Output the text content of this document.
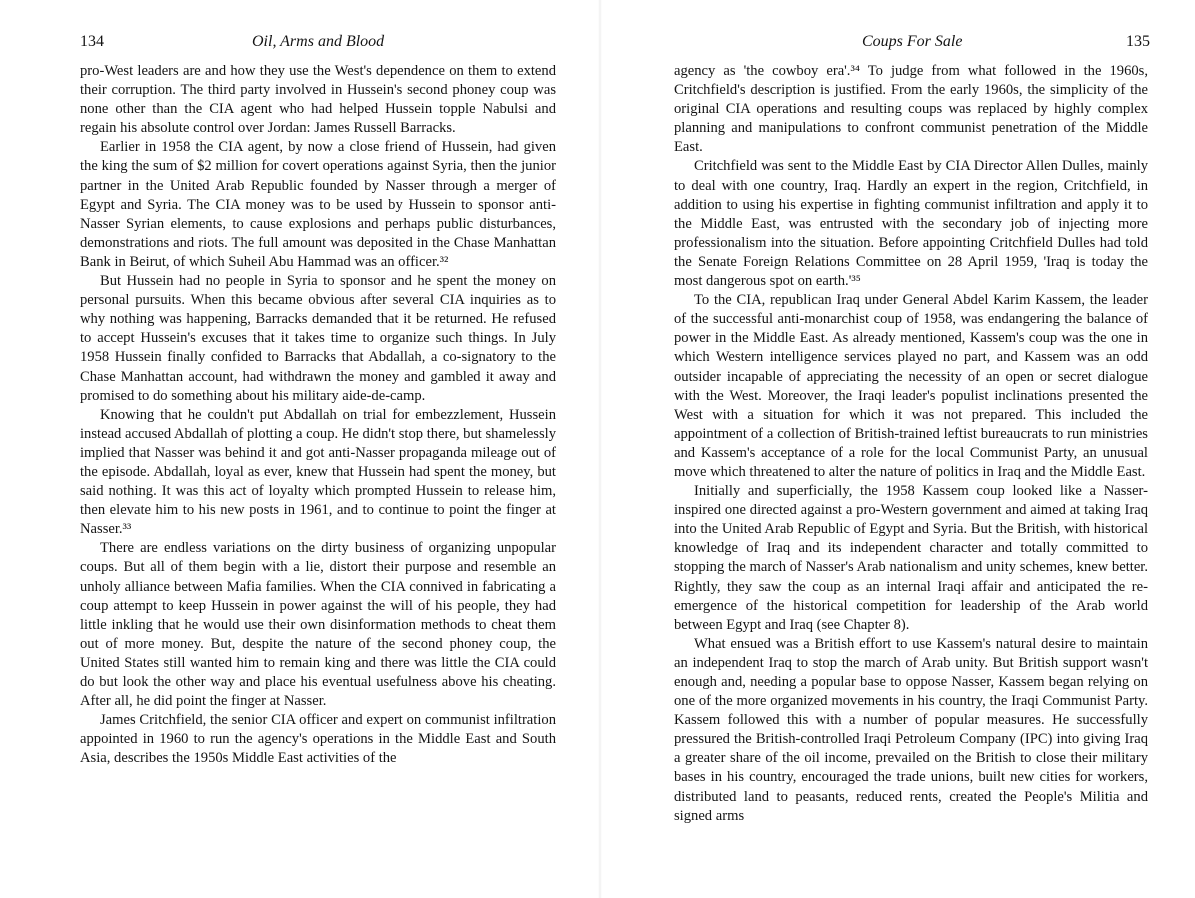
134	Oil, Arms and Blood

pro-West leaders are and how they use the West's dependence on them to extend their corruption. The third party involved in Hussein's second phoney coup was none other than the CIA agent who had helped Hussein topple Nabulsi and regain his absolute control over Jordan: James Russell Barracks.

Earlier in 1958 the CIA agent, by now a close friend of Hussein, had given the king the sum of $2 million for covert operations against Syria, then the junior partner in the United Arab Republic founded by Nasser through a merger of Egypt and Syria. The CIA money was to be used by Hussein to sponsor anti-Nasser Syrian elements, to cause explosions and perhaps public disturbances, demonstrations and riots. The full amount was deposited in the Chase Manhattan Bank in Beirut, of which Suheil Abu Hammad was an officer.³²

But Hussein had no people in Syria to sponsor and he spent the money on personal pursuits. When this became obvious after several CIA inquiries as to why nothing was happening, Barracks demanded that it be returned. He refused to accept Hussein's excuses that it takes time to organize such things. In July 1958 Hussein finally confided to Barracks that Abdallah, a co-signatory to the Chase Manhattan account, had withdrawn the money and gambled it away and promised to do something about his military aide-de-camp.

Knowing that he couldn't put Abdallah on trial for embezzlement, Hussein instead accused Abdallah of plotting a coup. He didn't stop there, but shamelessly implied that Nasser was behind it and got anti-Nasser propaganda mileage out of the episode. Abdallah, loyal as ever, knew that Hussein had spent the money, but said nothing. It was this act of loyalty which prompted Hussein to release him, then elevate him to his new posts in 1961, and to continue to point the finger at Nasser.³³

There are endless variations on the dirty business of organizing unpopular coups. But all of them begin with a lie, distort their purpose and resemble an unholy alliance between Mafia families. When the CIA connived in fabricating a coup attempt to keep Hussein in power against the will of his people, they had little inkling that he would use their own disinformation methods to cheat them out of more money. But, despite the nature of the second phoney coup, the United States still wanted him to remain king and there was little the CIA could do but look the other way and place his eventual usefulness above his cheating. After all, he did point the finger at Nasser.

James Critchfield, the senior CIA officer and expert on communist infiltration appointed in 1960 to run the agency's operations in the Middle East and South Asia, describes the 1950s Middle East activities of the

Coups For Sale	135

agency as 'the cowboy era'.³⁴ To judge from what followed in the 1960s, Critchfield's description is justified. From the early 1960s, the simplicity of the original CIA operations and resulting coups was replaced by highly complex planning and manipulations to confront communist penetration of the Middle East.

Critchfield was sent to the Middle East by CIA Director Allen Dulles, mainly to deal with one country, Iraq. Hardly an expert in the region, Critchfield, in addition to using his expertise in fighting communist infiltration and apply it to the Middle East, was entrusted with the secondary job of injecting more professionalism into the situation. Before appointing Critchfield Dulles had told the Senate Foreign Relations Committee on 28 April 1959, 'Iraq is today the most dangerous spot on earth.'³⁵

To the CIA, republican Iraq under General Abdel Karim Kassem, the leader of the successful anti-monarchist coup of 1958, was endangering the balance of power in the Middle East. As already mentioned, Kassem's coup was the one in which Western intelligence services played no part, and Kassem was an odd outsider incapable of appreciating the necessity of an open or secret dialogue with the West. Moreover, the Iraqi leader's populist inclinations presented the West with a situation for which it was not prepared. This included the appointment of a collection of British-trained leftist bureaucrats to run ministries and Kassem's acceptance of a role for the local Communist Party, an unusual move which threatened to alter the nature of politics in Iraq and the Middle East.

Initially and superficially, the 1958 Kassem coup looked like a Nasser-inspired one directed against a pro-Western government and aimed at taking Iraq into the United Arab Republic of Egypt and Syria. But the British, with historical knowledge of Iraq and its independent character and totally committed to stopping the march of Nasser's Arab nationalism and unity schemes, knew better. Rightly, they saw the coup as an internal Iraqi affair and anticipated the re-emergence of the historical competition for leadership of the Arab world between Egypt and Iraq (see Chapter 8).

What ensued was a British effort to use Kassem's natural desire to maintain an independent Iraq to stop the march of Arab unity. But British support wasn't enough and, needing a popular base to oppose Nasser, Kassem began relying on one of the more organized movements in his country, the Iraqi Communist Party. Kassem followed this with a number of popular measures. He successfully pressured the British-controlled Iraqi Petroleum Company (IPC) into giving Iraq a greater share of the oil income, prevailed on the British to close their military bases in his country, encouraged the trade unions, built new cities for workers, distributed land to peasants, reduced rents, created the People's Militia and signed arms
